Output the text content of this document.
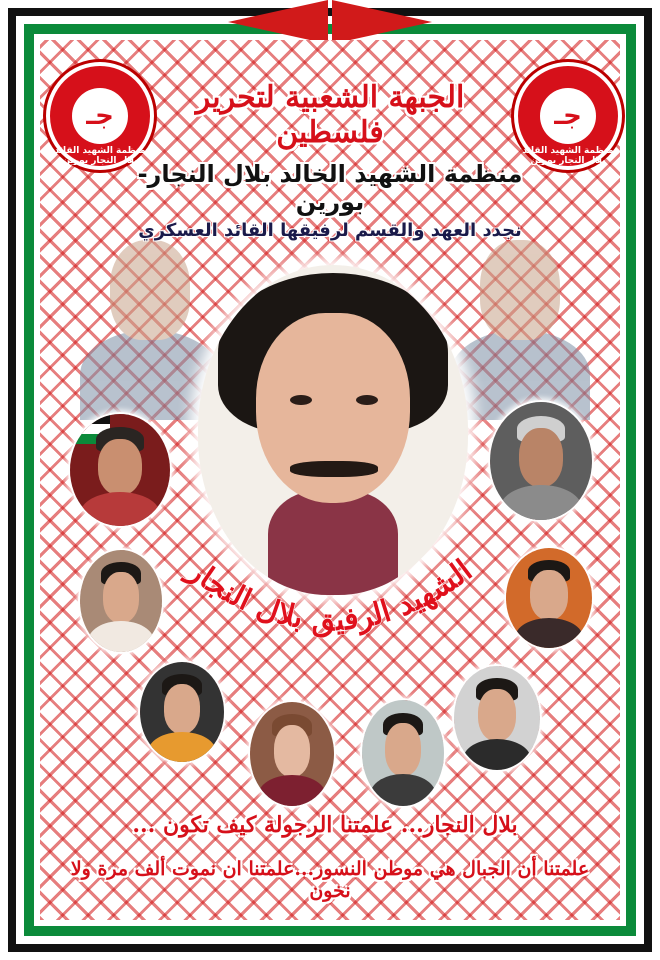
جـ
منظمة الشهيد القائد بلال النجار بورين
جـ
منظمة الشهيد القائد بلال النجار بورين
الجبهة الشعبية لتحرير فلسطين
منظمة الشهيد الخالد بلال النجار- بورين
نجدد العهد والقسم لرفيقها القائد العسكري
الشهيد الرفيق بلال النجار
بلال النجار... علمتنا الرجولة كيف تكون ...
علمتنا أن الجبال هي موطن النسور...علمتنا ان نموت ألف مرة ولا نخون
